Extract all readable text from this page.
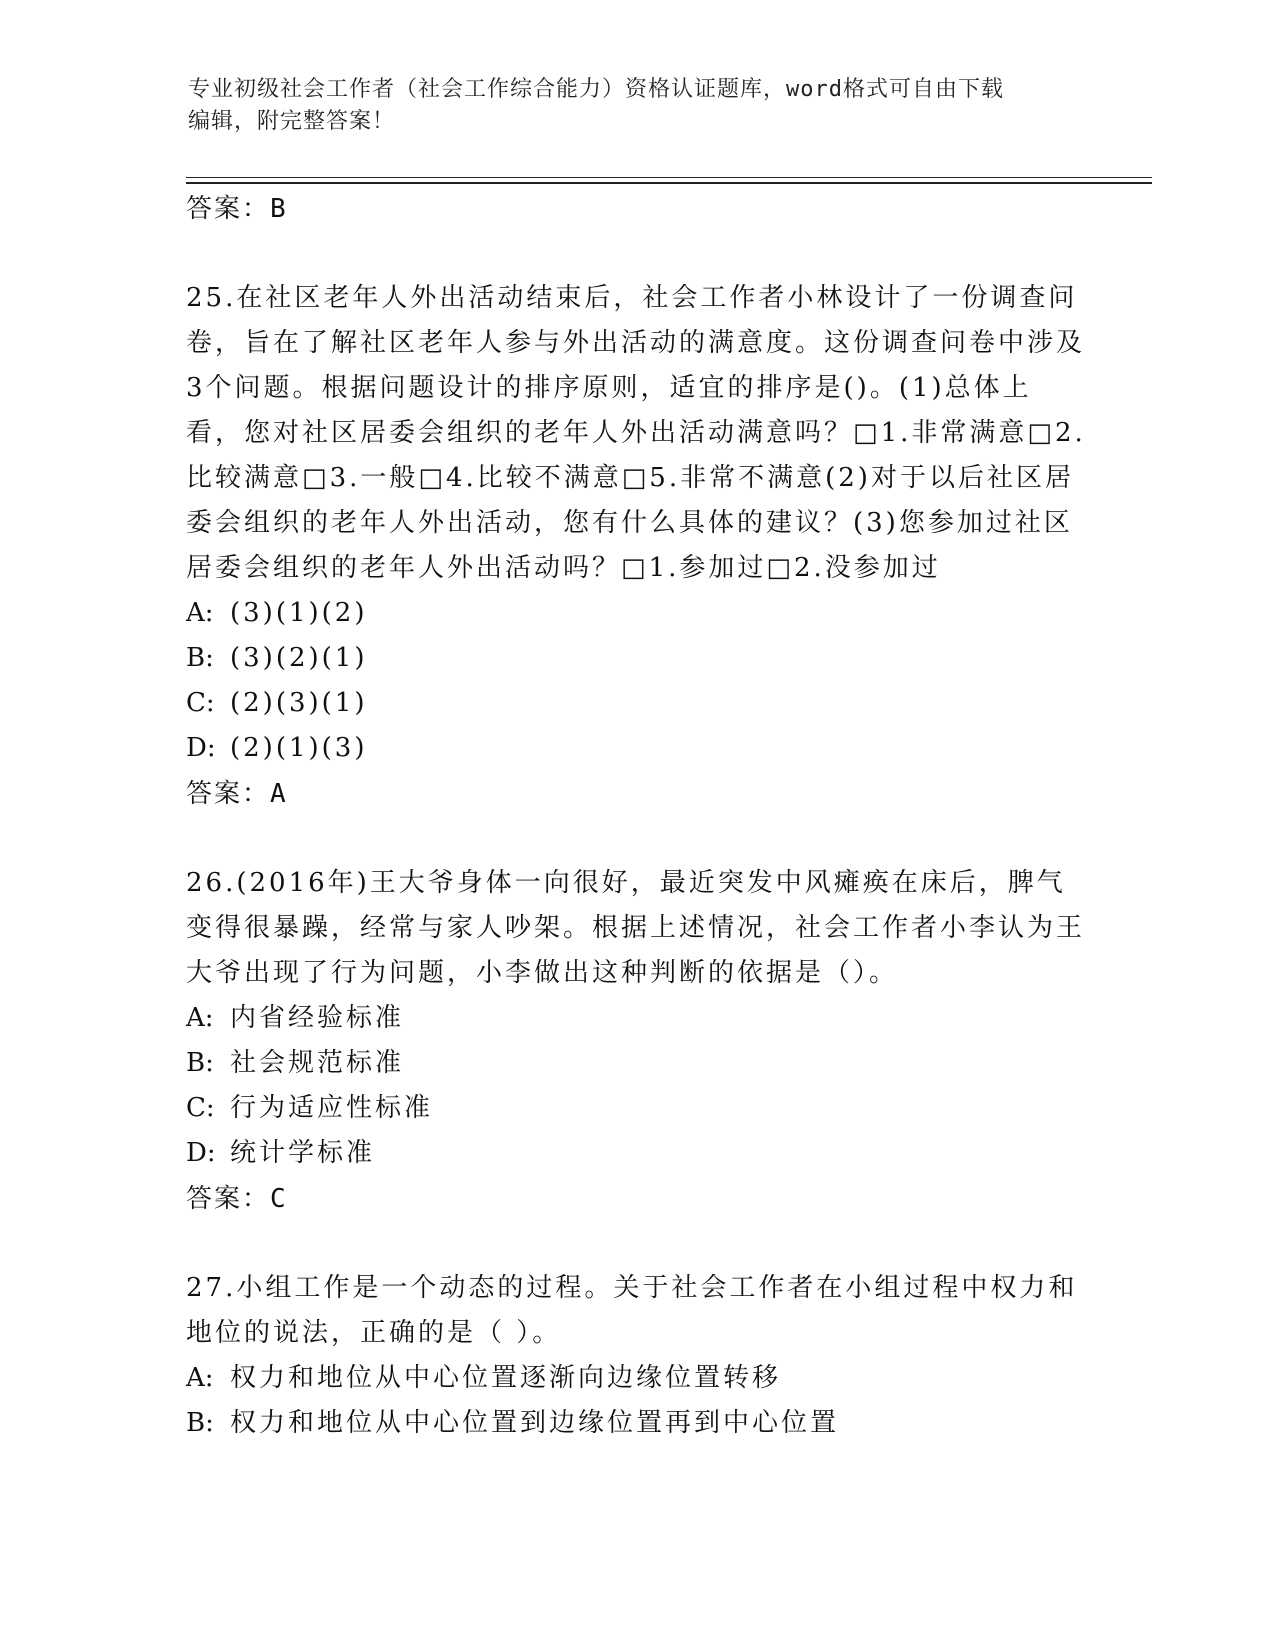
专业初级社会工作者（社会工作综合能力）资格认证题库，word格式可自由下载
编辑，附完整答案！
答案：B

25.在社区老年人外出活动结束后，社会工作者小林设计了一份调查问卷，旨在了解社区老年人参与外出活动的满意度。这份调查问卷中涉及3个问题。根据问题设计的排序原则，适宜的排序是()。(1)总体上看，您对社区居委会组织的老年人外出活动满意吗？□1.非常满意□2.比较满意□3.一般□4.比较不满意□5.非常不满意(2)对于以后社区居委会组织的老年人外出活动，您有什么具体的建议？(3)您参加过社区居委会组织的老年人外出活动吗？□1.参加过□2.没参加过

A: (3)(1)(2)
B: (3)(2)(1)
C: (2)(3)(1)
D: (2)(1)(3)
答案：A

26.(2016年)王大爷身体一向很好，最近突发中风瘫痪在床后，脾气变得很暴躁，经常与家人吵架。根据上述情况，社会工作者小李认为王大爷出现了行为问题，小李做出这种判断的依据是（）。

A: 内省经验标准
B: 社会规范标准
C: 行为适应性标准
D: 统计学标准
答案：C

27.小组工作是一个动态的过程。关于社会工作者在小组过程中权力和地位的说法，正确的是（ ）。

A: 权力和地位从中心位置逐渐向边缘位置转移
B: 权力和地位从中心位置到边缘位置再到中心位置
